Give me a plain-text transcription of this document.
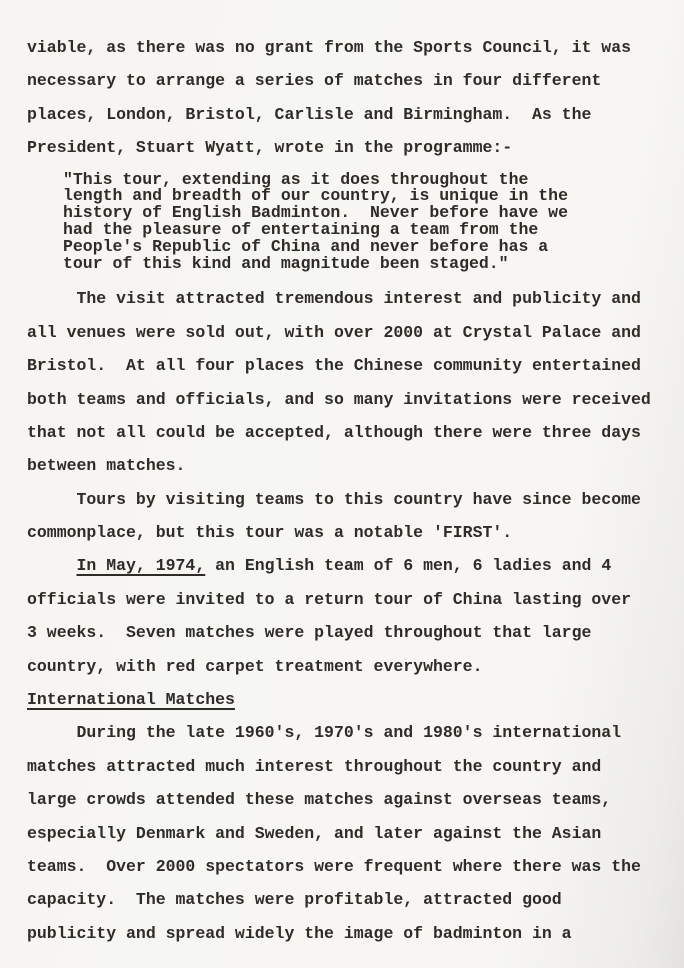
viable, as there was no grant from the Sports Council, it was
necessary to arrange a series of matches in four different
places, London, Bristol, Carlisle and Birmingham.  As the
President, Stuart Wyatt, wrote in the programme:-
"This tour, extending as it does throughout the
length and breadth of our country, is unique in the
history of English Badminton.  Never before have we
had the pleasure of entertaining a team from the
People's Republic of China and never before has a
tour of this kind and magnitude been staged."
The visit attracted tremendous interest and publicity and
all venues were sold out, with over 2000 at Crystal Palace and
Bristol.  At all four places the Chinese community entertained
both teams and officials, and so many invitations were received
that not all could be accepted, although there were three days
between matches.
Tours by visiting teams to this country have since become
commonplace, but this tour was a notable 'FIRST'.
In May, 1974, an English team of 6 men, 6 ladies and 4
officials were invited to a return tour of China lasting over
3 weeks.  Seven matches were played throughout that large
country, with red carpet treatment everywhere.
International Matches
During the late 1960's, 1970's and 1980's international
matches attracted much interest throughout the country and
large crowds attended these matches against overseas teams,
especially Denmark and Sweden, and later against the Asian
teams.  Over 2000 spectators were frequent where there was the
capacity.  The matches were profitable, attracted good
publicity and spread widely the image of badminton in a
